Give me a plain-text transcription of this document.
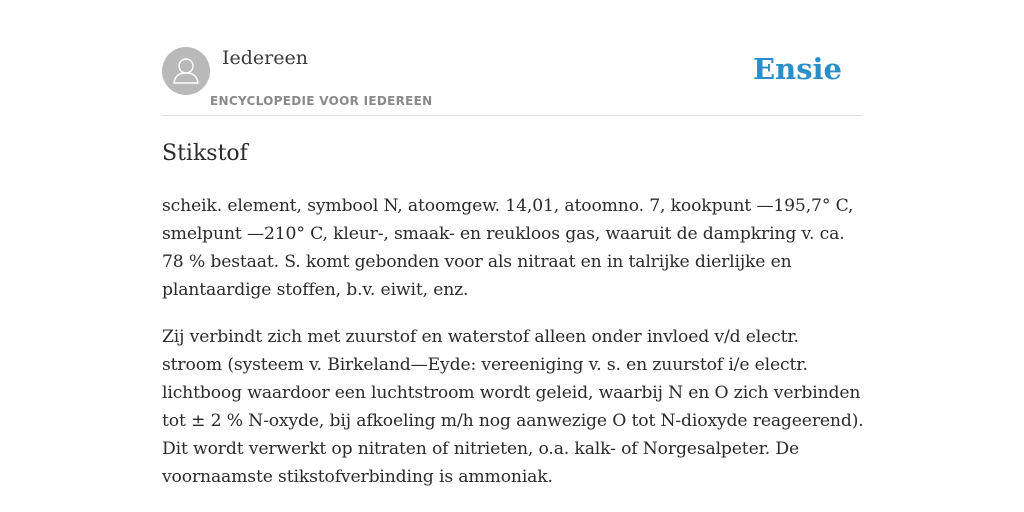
Iedereen
ENCYCLOPEDIE VOOR IEDEREEN
Ensie
Stikstof

scheik. element, symbool N, atoomgew. 14,01, atoomno. 7, kookpunt —195,7° C, smelpunt —210° C, kleur-, smaak- en reukloos gas, waaruit de dampkring v. ca. 78 % bestaat. S. komt gebonden voor als nitraat en in talrijke dierlijke en plantaardige stoffen, b.v. eiwit, enz.

Zij verbindt zich met zuurstof en waterstof alleen onder invloed v/d electr. stroom (systeem v. Birkeland—Eyde: vereeniging v. s. en zuurstof i/e electr. lichtboog waardoor een luchtstroom wordt geleid, waarbij N en O zich verbinden tot ± 2 % N-oxyde, bij afkoeling m/h nog aanwezige O tot N-dioxyde reageerend). Dit wordt verwerkt op nitraten of nitrieten, o.a. kalk- of Norgesalpeter. De voornaamste stikstofverbinding is ammoniak.
